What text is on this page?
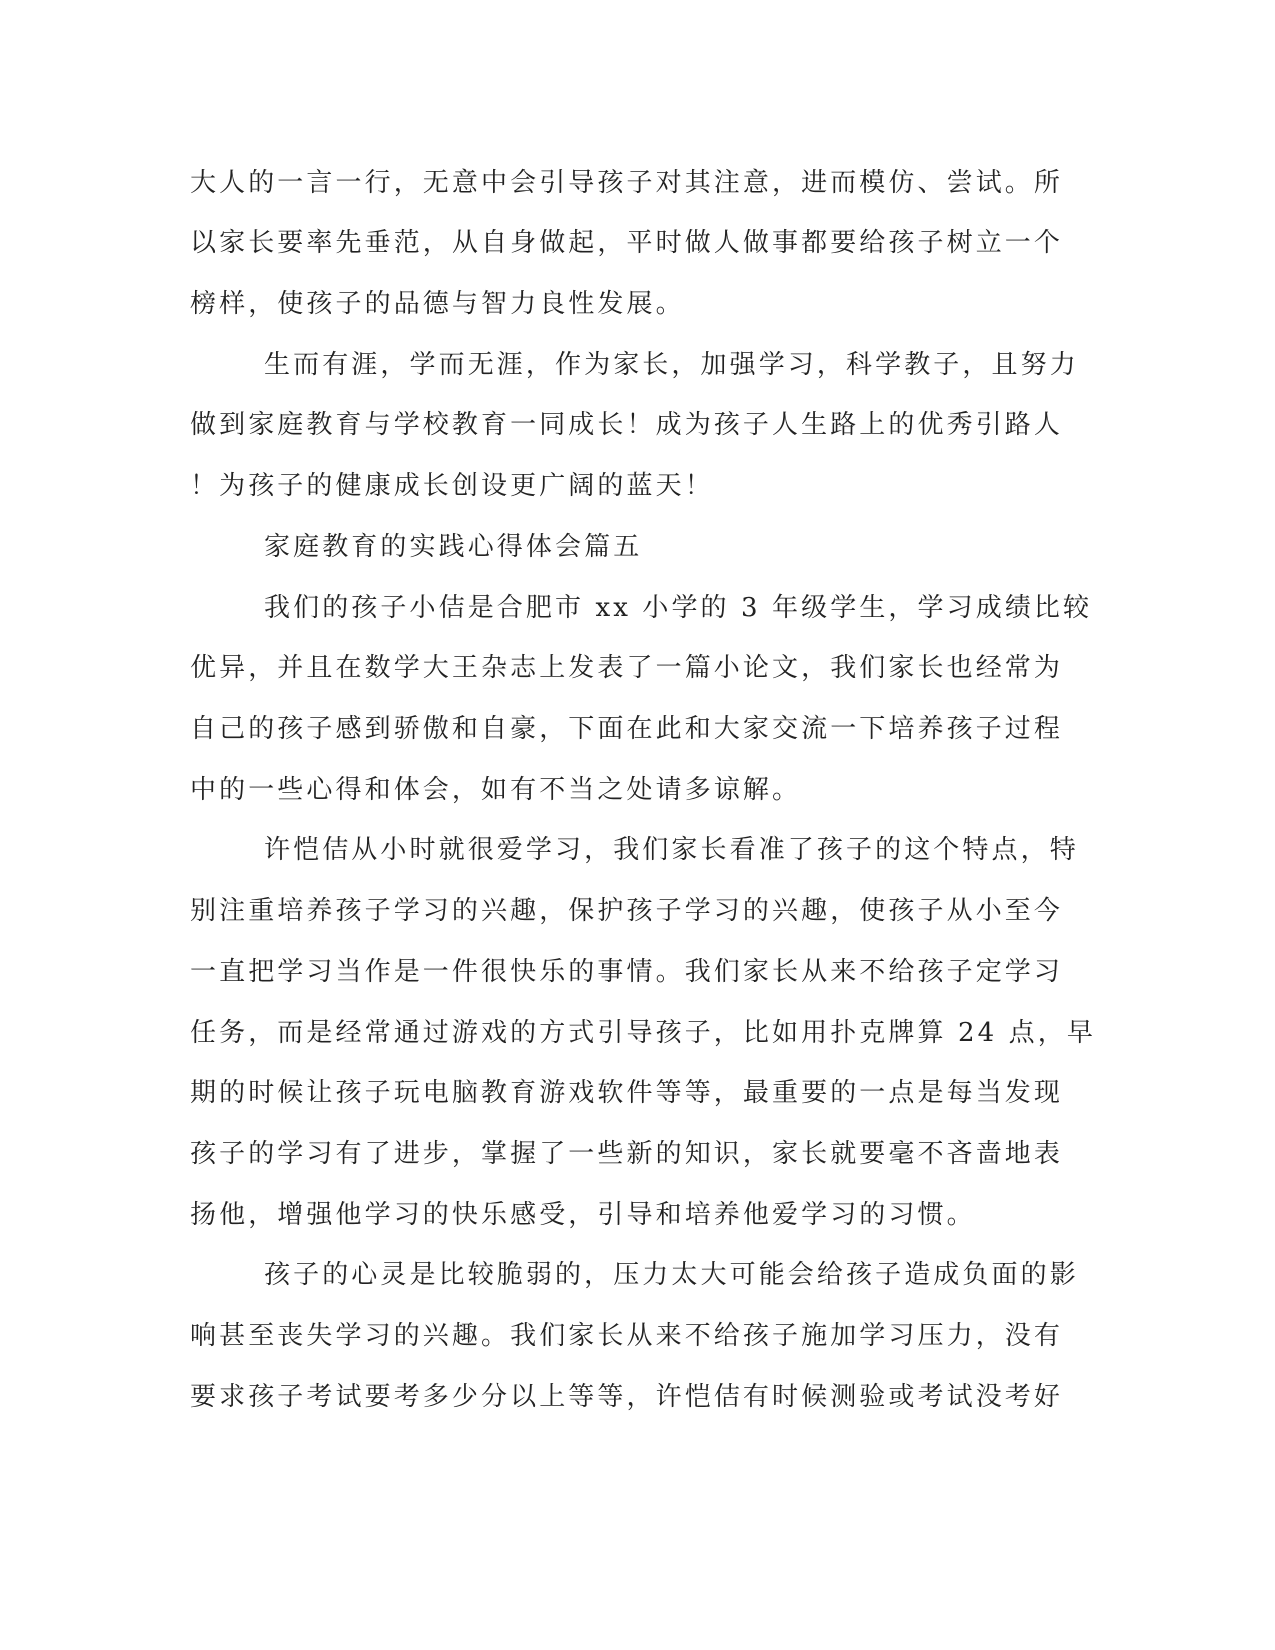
大人的一言一行，无意中会引导孩子对其注意，进而模仿、尝试。所
以家长要率先垂范，从自身做起，平时做人做事都要给孩子树立一个
榜样，使孩子的品德与智力良性发展。
生而有涯，学而无涯，作为家长，加强学习，科学教子，且努力
做到家庭教育与学校教育一同成长！成为孩子人生路上的优秀引路人
！为孩子的健康成长创设更广阔的蓝天！
家庭教育的实践心得体会篇五
我们的孩子小佶是合肥市 xx 小学的 3 年级学生，学习成绩比较
优异，并且在数学大王杂志上发表了一篇小论文，我们家长也经常为
自己的孩子感到骄傲和自豪，下面在此和大家交流一下培养孩子过程
中的一些心得和体会，如有不当之处请多谅解。
许恺佶从小时就很爱学习，我们家长看准了孩子的这个特点，特
别注重培养孩子学习的兴趣，保护孩子学习的兴趣，使孩子从小至今
一直把学习当作是一件很快乐的事情。我们家长从来不给孩子定学习
任务，而是经常通过游戏的方式引导孩子，比如用扑克牌算 24 点，早
期的时候让孩子玩电脑教育游戏软件等等，最重要的一点是每当发现
孩子的学习有了进步，掌握了一些新的知识，家长就要毫不吝啬地表
扬他，增强他学习的快乐感受，引导和培养他爱学习的习惯。
孩子的心灵是比较脆弱的，压力太大可能会给孩子造成负面的影
响甚至丧失学习的兴趣。我们家长从来不给孩子施加学习压力，没有
要求孩子考试要考多少分以上等等，许恺佶有时候测验或考试没考好
